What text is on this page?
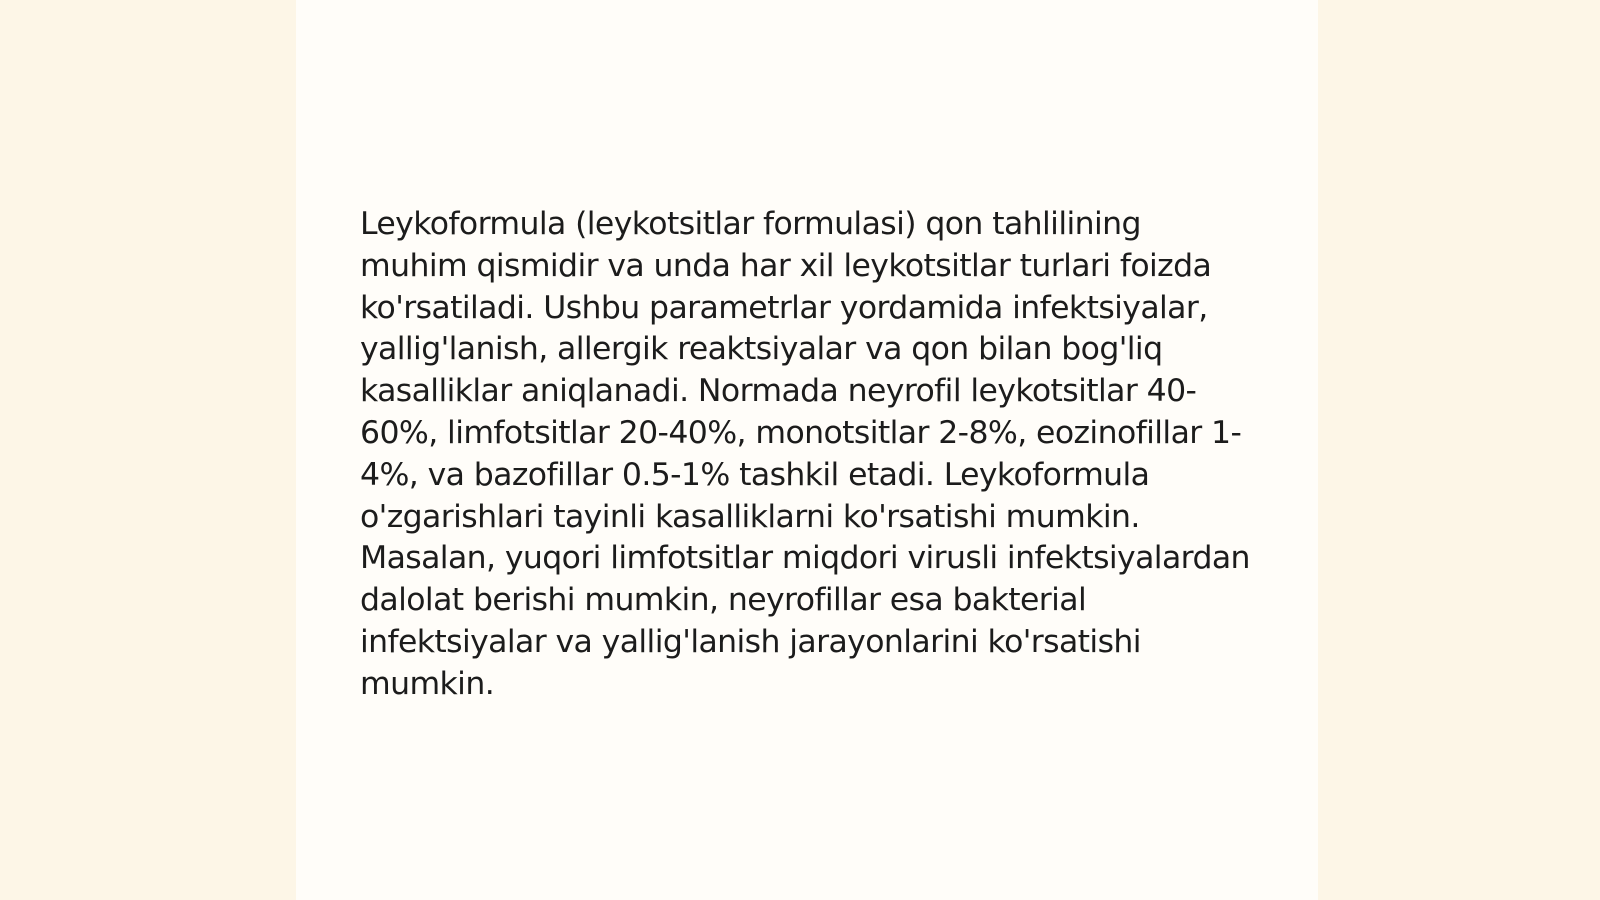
Leykoformula (leykotsitlar formulasi) qon tahlilining muhim qismidir va unda har xil leykotsitlar turlari foizda ko'rsatiladi. Ushbu parametrlar yordamida infektsiyalar, yallig'lanish, allergik reaktsiyalar va qon bilan bog'liq kasalliklar aniqlanadi. Normada neyrofil leykotsitlar 40-60%, limfotsitlar 20-40%, monotsitlar 2-8%, eozinofillar 1-4%, va bazofillar 0.5-1% tashkil etadi. Leykoformula o'zgarishlari tayinli kasalliklarni ko'rsatishi mumkin. Masalan, yuqori limfotsitlar miqdori virusli infektsiyalardan dalolat berishi mumkin, neyrofillar esa bakterial infektsiyalar va yallig'lanish jarayonlarini ko'rsatishi mumkin.
